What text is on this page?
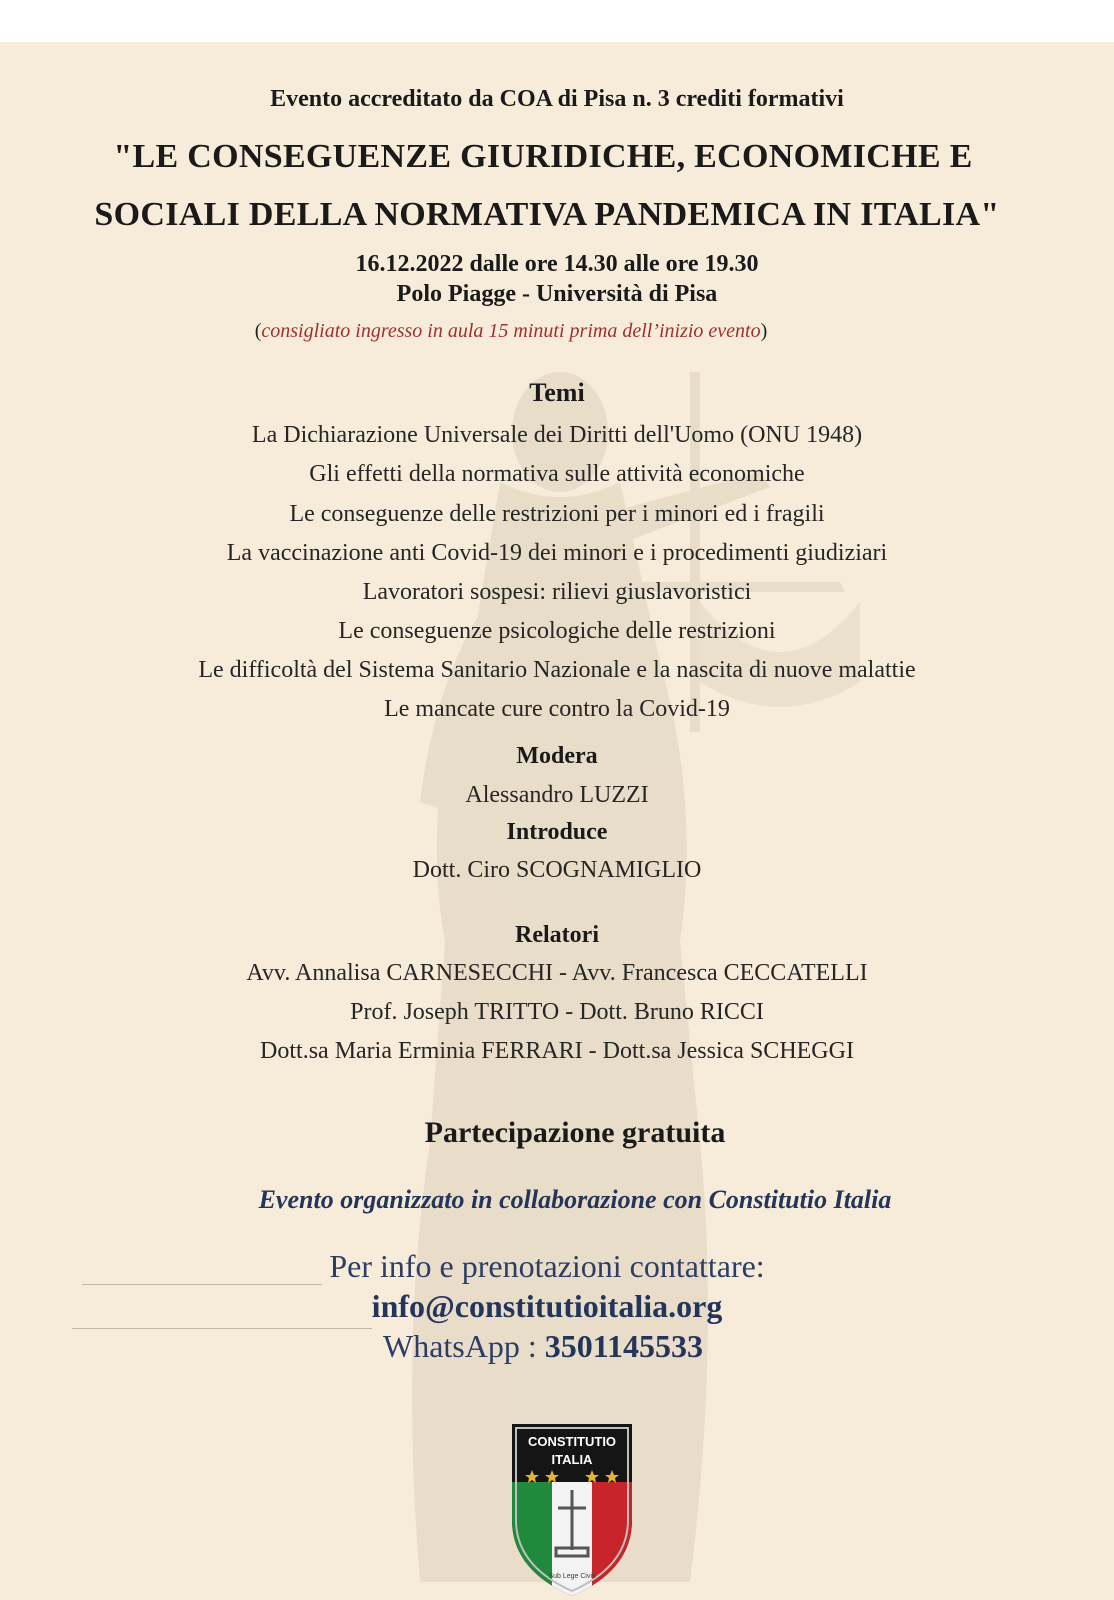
Evento accreditato da COA di Pisa n. 3 crediti formativi
"LE CONSEGUENZE GIURIDICHE, ECONOMICHE E
SOCIALI DELLA NORMATIVA PANDEMICA IN ITALIA"
16.12.2022 dalle ore 14.30 alle ore 19.30
Polo Piagge - Università di Pisa
(consigliato ingresso in aula 15 minuti prima dell’inizio evento)
Temi
La Dichiarazione Universale dei Diritti dell'Uomo (ONU 1948)
Gli effetti della normativa sulle attività economiche
Le conseguenze delle restrizioni per i minori ed i fragili
La vaccinazione anti Covid-19 dei minori e i procedimenti giudiziari
Lavoratori sospesi: rilievi giuslavoristici
Le conseguenze psicologiche delle restrizioni
Le difficoltà del Sistema Sanitario Nazionale e la nascita di nuove malattie
Le mancate cure contro la Covid-19
Modera
Alessandro LUZZI
Introduce
Dott. Ciro SCOGNAMIGLIO
Relatori
Avv. Annalisa CARNESECCHI - Avv. Francesca CECCATELLI
Prof. Joseph TRITTO - Dott. Bruno RICCI
Dott.sa Maria Erminia FERRARI - Dott.sa Jessica SCHEGGI
Partecipazione gratuita
Evento organizzato in collaborazione con Constitutio Italia
Per info e prenotazioni contattare:
info@constitutioitalia.org
WhatsApp : 3501145533
CONSTITUTIO
ITALIA
Sub Lege Civis
